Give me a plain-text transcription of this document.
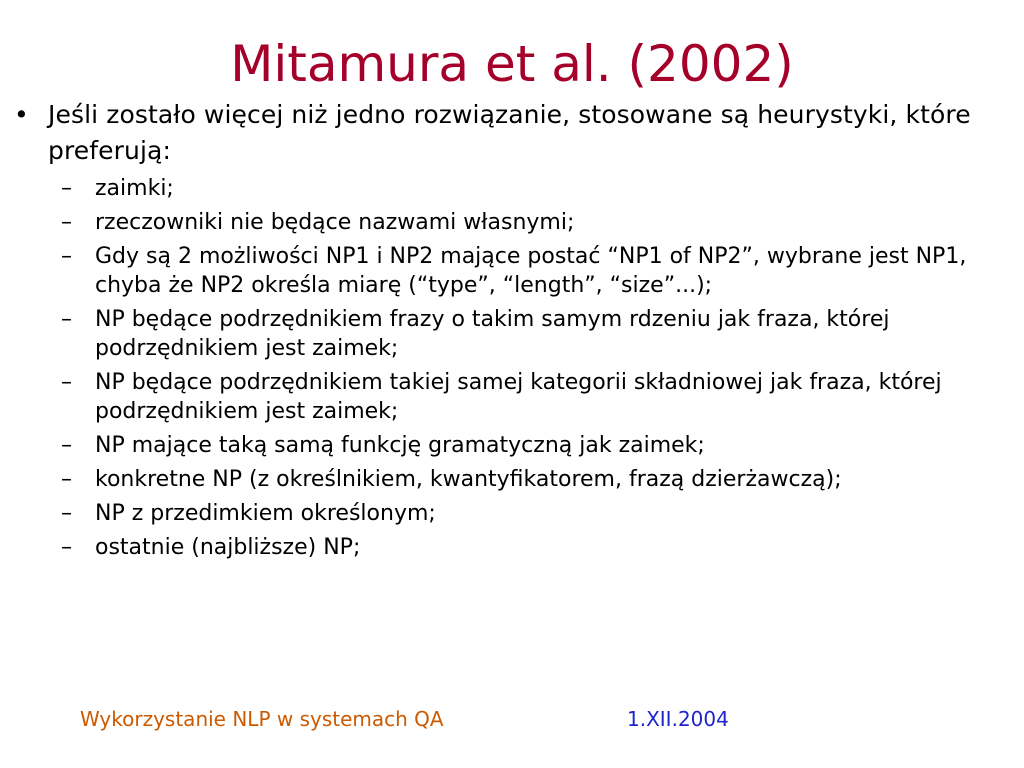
Mitamura et al. (2002)
• Jeśli zostało więcej niż jedno rozwiązanie, stosowane są heurystyki, które preferują:
–	zaimki;
–	rzeczowniki nie będące nazwami własnymi;
–	Gdy są 2 możliwości NP1 i NP2 mające postać “NP1 of NP2”, wybrane jest NP1, chyba że NP2 określa miarę (“type”, “length”, “size”...);
–	NP będące podrzędnikiem frazy o takim samym rdzeniu jak fraza, której podrzędnikiem jest zaimek;
–	NP będące podrzędnikiem takiej samej kategorii składniowej jak fraza, której podrzędnikiem jest zaimek;
–	NP mające taką samą funkcję gramatyczną jak zaimek;
–	konkretne NP (z określnikiem, kwantyfikatorem, frazą dzierżawczą);
–	NP z przedimkiem określonym;
–	ostatnie (najbliższe) NP;
Wykorzystanie NLP w systemach QA	1.XII.2004
